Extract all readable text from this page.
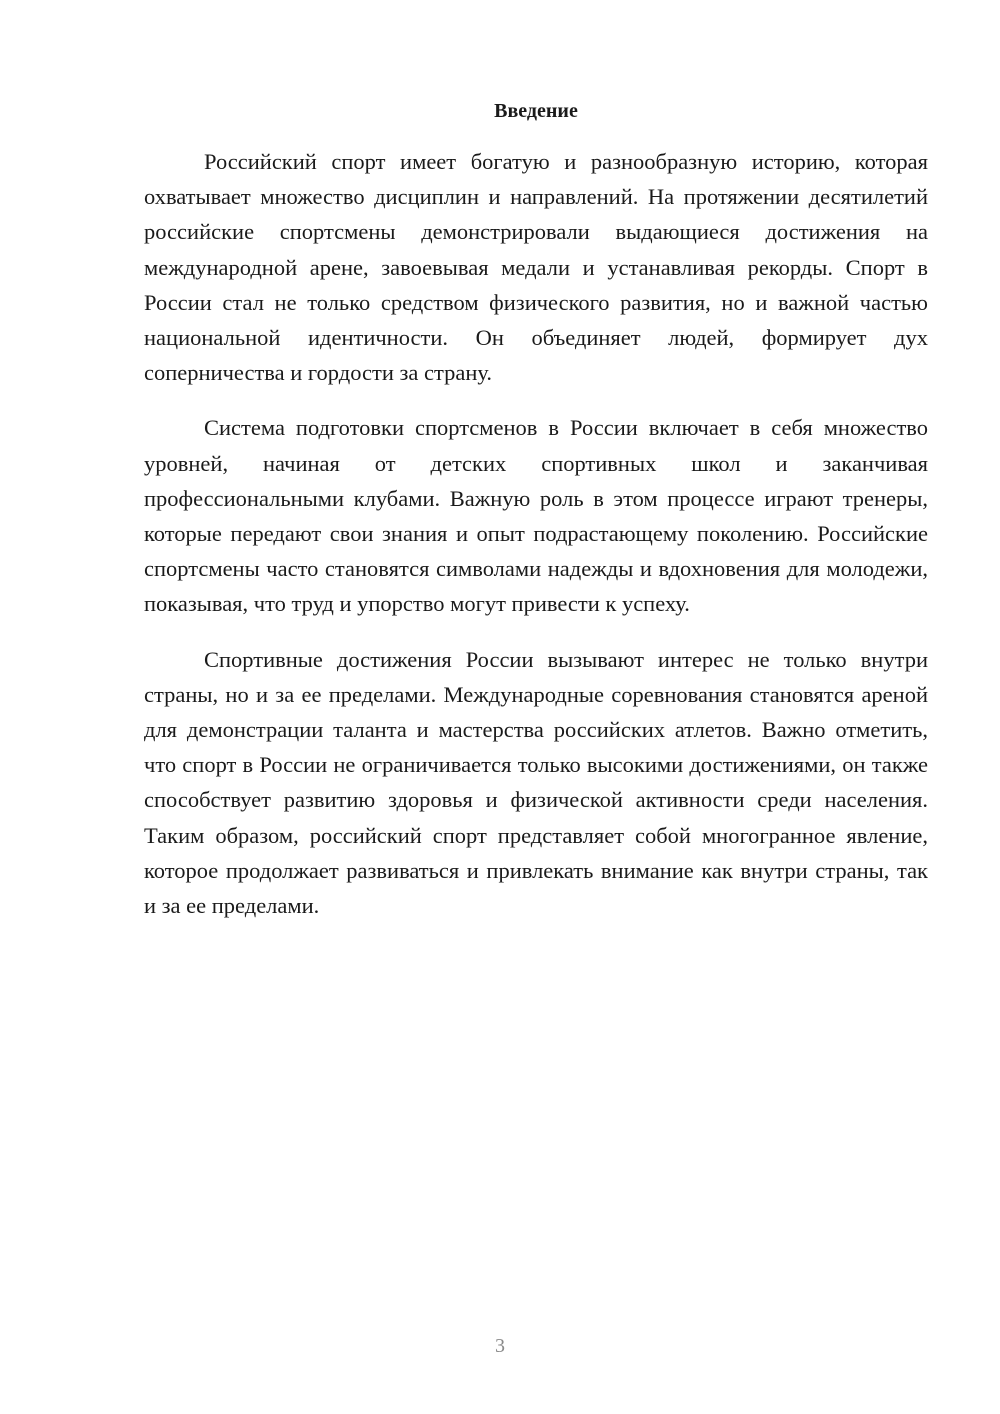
Введение

Российский спорт имеет богатую и разнообразную историю, которая охватывает множество дисциплин и направлений. На протяжении десятилетий российские спортсмены демонстрировали выдающиеся достижения на международной арене, завоевывая медали и устанавливая рекорды. Спорт в России стал не только средством физического развития, но и важной частью национальной идентичности. Он объединяет людей, формирует дух соперничества и гордости за страну.

Система подготовки спортсменов в России включает в себя множество уровней, начиная от детских спортивных школ и заканчивая профессиональными клубами. Важную роль в этом процессе играют тренеры, которые передают свои знания и опыт подрастающему поколению. Российские спортсмены часто становятся символами надежды и вдохновения для молодежи, показывая, что труд и упорство могут привести к успеху.

Спортивные достижения России вызывают интерес не только внутри страны, но и за ее пределами. Международные соревнования становятся ареной для демонстрации таланта и мастерства российских атлетов. Важно отметить, что спорт в России не ограничивается только высокими достижениями, он также способствует развитию здоровья и физической активности среди населения. Таким образом, российский спорт представляет собой многогранное явление, которое продолжает развиваться и привлекать внимание как внутри страны, так и за ее пределами.

3
